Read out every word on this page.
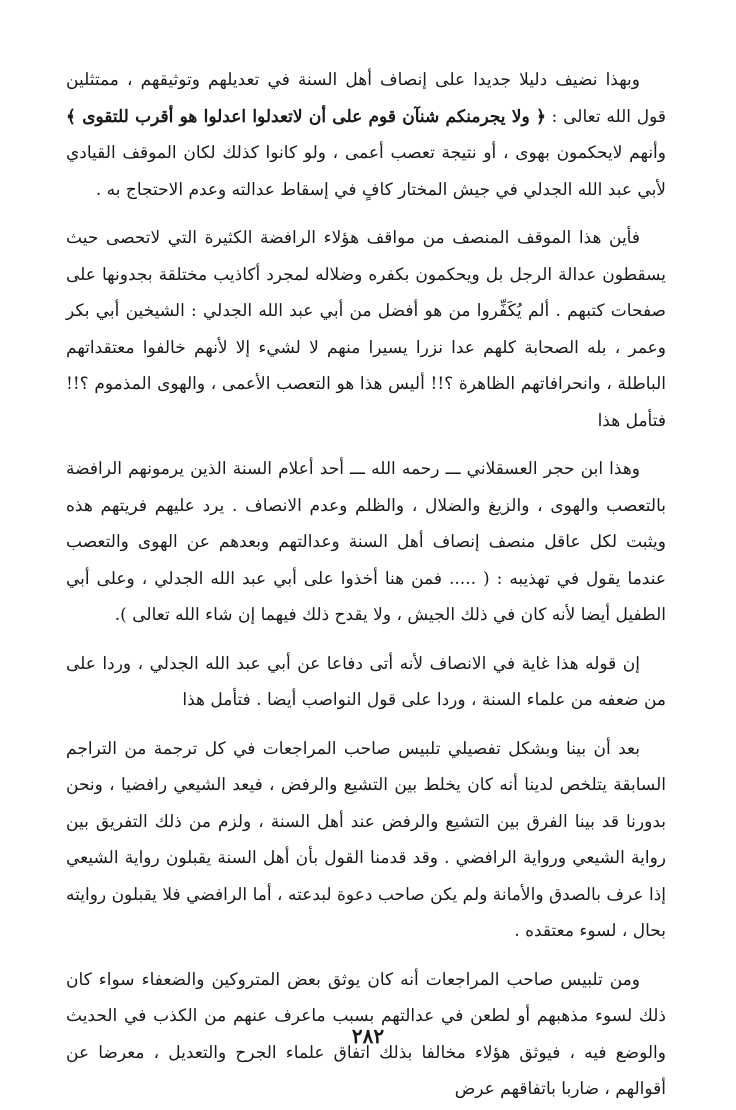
وبهذا نضيف دليلا جديدا على إنصاف أهل السنة في تعديلهم وتوثيقهم ، ممتثلين قول الله تعالى : ﴿ ولا يجرمنكم شنآن قوم على أن لاتعدلوا اعدلوا هو أقرب للتقوى ﴾ وأنهم لايحكمون بهوى ، أو نتيجة تعصب أعمى ، ولو كانوا كذلك لكان الموقف القيادي لأبي عبد الله الجدلي في جيش المختار كافٍ في إسقاط عدالته وعدم الاحتجاج به .

فأين هذا الموقف المنصف من مواقف هؤلاء الرافضة الكثيرة التي لاتحصى حيث يسقطون عدالة الرجل بل ويحكمون بكفره وضلاله لمجرد أكاذيب مختلقة بجدونها على صفحات كتبهم . ألم يُكَفِّروا من هو أفضل من أبي عبد الله الجدلي : الشيخين أبي بكر وعمر ، بله الصحابة كلهم عدا نزرا يسيرا منهم لا لشيء إلا لأنهم خالفوا معتقداتهم الباطلة ، وانحرافاتهم الظاهرة ؟!! أليس هذا هو التعصب الأعمى ، والهوى المذموم ؟!! فتأمل هذا

وهذا ابن حجر العسقلاني ـــ رحمه الله ـــ أحد أعلام السنة الذين يرمونهم الرافضة بالتعصب والهوى ، والزيغ والضلال ، والظلم وعدم الانصاف . يرد عليهم فريتهم هذه ويثبت لكل عاقل منصف إنصاف أهل السنة وعدالتهم وبعدهم عن الهوى والتعصب عندما يقول في تهذيبه : ( ..... فمن هنا أخذوا على أبي عبد الله الجدلي ، وعلى أبي الطفيل أيضا لأنه كان في ذلك الجيش ، ولا يقدح ذلك فيهما إن شاء الله تعالى ).

إن قوله هذا غاية في الانصاف لأنه أتى دفاعا عن أبي عبد الله الجدلي ، وردا على من ضعفه من علماء السنة ، وردا على قول النواصب أيضا . فتأمل هذا

بعد أن بينا وبشكل تفصيلي تلبيس صاحب المراجعات في كل ترجمة من التراجم السابقة يتلخص لدينا أنه كان يخلط بين التشيع والرفض ، فيعد الشيعي رافضيا ، ونحن بدورنا قد بينا الفرق بين التشيع والرفض عند أهل السنة ، ولزم من ذلك التفريق بين رواية الشيعي ورواية الرافضي . وقد قدمنا القول بأن أهل السنة يقبلون رواية الشيعي إذا عرف بالصدق والأمانة ولم يكن صاحب دعوة لبدعته ، أما الرافضي فلا يقبلون روايته بحال ، لسوء معتقده .

ومن تلبيس صاحب المراجعات أنه كان يوثق بعض المتروكين والضعفاء سواء كان ذلك لسوء مذهبهم أو لطعن في عدالتهم بسبب ماعرف عنهم من الكذب في الحديث والوضع فيه ، فيوثق هؤلاء مخالفا بذلك اتفاق علماء الجرح والتعديل ، معرضا عن أقوالهم ، ضاربا باتفاقهم عرض

٢٨٢
